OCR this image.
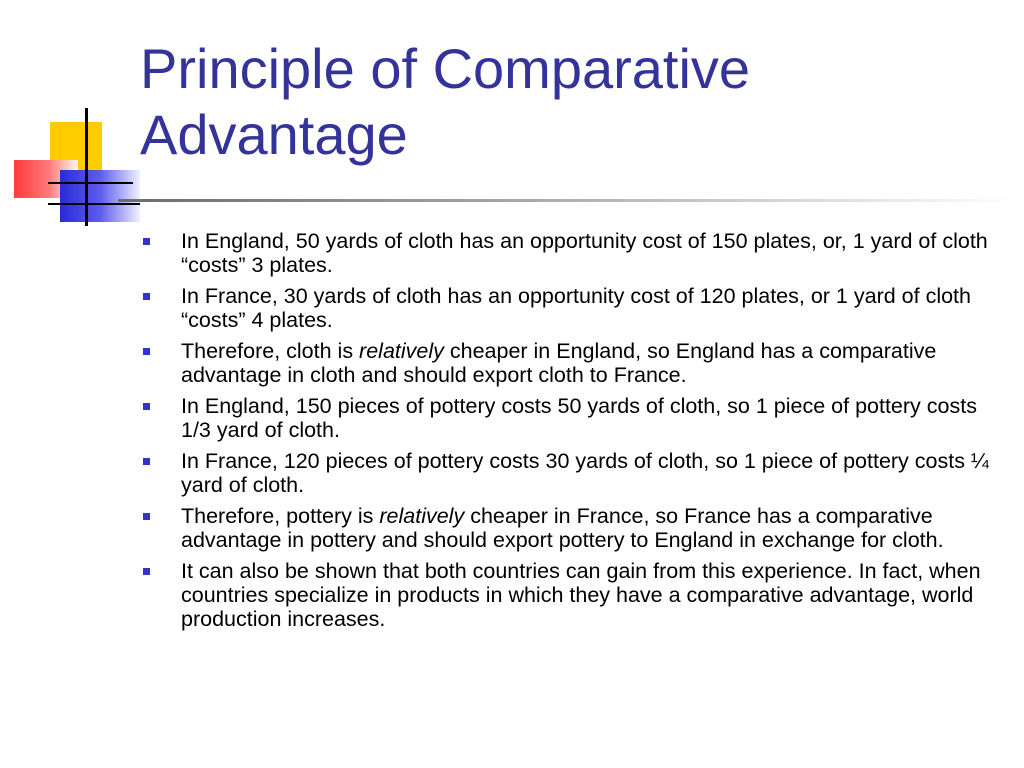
Principle of Comparative
Advantage
In England, 50 yards of cloth has an opportunity cost of 150 plates, or, 1 yard of cloth “costs” 3 plates.
In France, 30 yards of cloth has an opportunity cost of 120 plates, or 1 yard of cloth “costs” 4 plates.
Therefore, cloth is relatively cheaper in England, so England has a comparative advantage in cloth and should export cloth to France.
In England, 150 pieces of pottery costs 50 yards of cloth, so 1 piece of pottery costs 1/3 yard of cloth.
In France, 120 pieces of pottery costs 30 yards of cloth, so 1 piece of pottery costs ¼ yard of cloth.
Therefore, pottery is relatively cheaper in France, so France has a comparative advantage in pottery and should export pottery to England in exchange for cloth.
It can also be shown that both countries can gain from this experience. In fact, when countries specialize in products in which they have a comparative advantage, world production increases.
